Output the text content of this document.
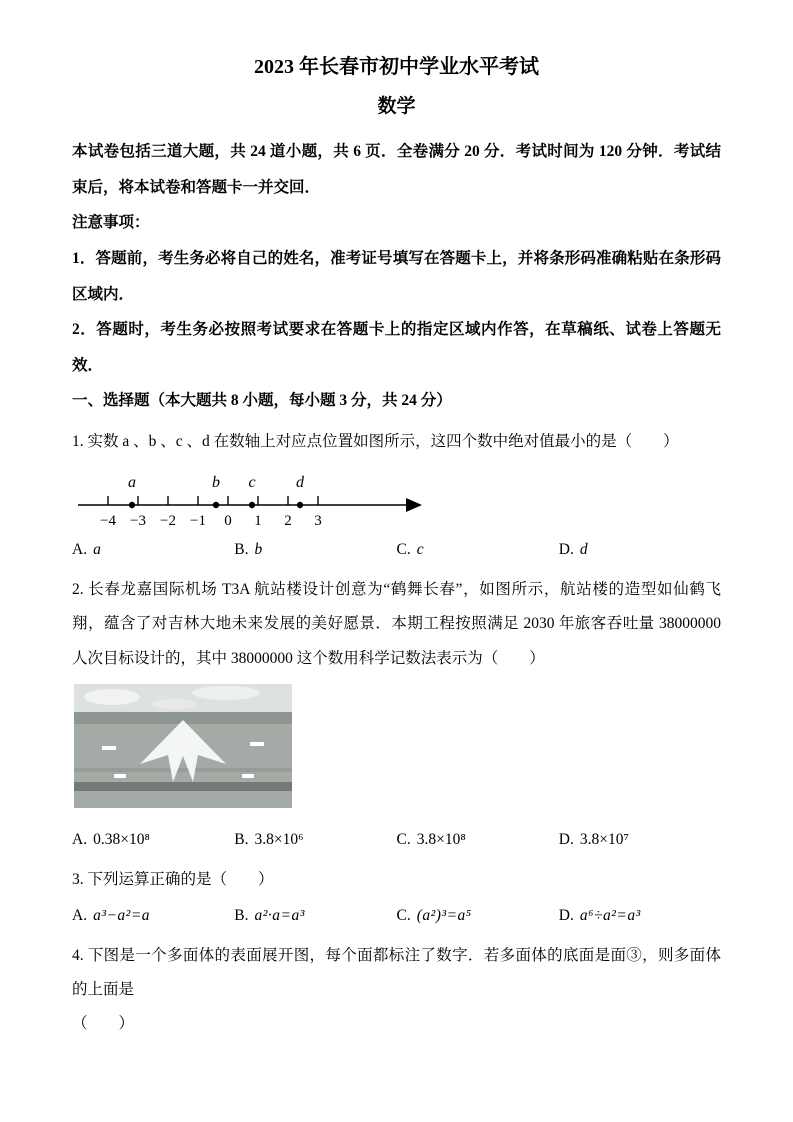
2023 年长春市初中学业水平考试

数学

本试卷包括三道大题，共 24 道小题，共 6 页．全卷满分 20 分．考试时间为 120 分钟．考试结束后，将本试卷和答题卡一并交回．

注意事项：

1．答题前，考生务必将自己的姓名，准考证号填写在答题卡上，并将条形码准确粘贴在条形码区域内．

2．答题时，考生务必按照考试要求在答题卡上的指定区域内作答，在草稿纸、试卷上答题无效．

一、选择题（本大题共 8 小题，每小题 3 分，共 24 分）

1. 实数 a 、b 、c 、d 在数轴上对应点位置如图所示，这四个数中绝对值最小的是（　　）

−4 −3 −2 −1 0 1 2 3
a	b c	d
A. a	B. b	C. c	D. d

2. 长春龙嘉国际机场 T3A 航站楼设计创意为“鹤舞长春”，如图所示，航站楼的造型如仙鹤飞翔，蕴含了对吉林大地未来发展的美好愿景．本期工程按照满足 2030 年旅客吞吐量 38000000 人次目标设计的，其中 38000000 这个数用科学记数法表示为（　　）

A. 0.38×10⁸	B. 3.8×10⁶	C. 3.8×10⁸	D. 3.8×10⁷

3. 下列运算正确的是（　　）

A. a³−a²=a	B. a²·a=a³	C. (a²)³=a⁵	D. a⁶÷a²=a³

4. 下图是一个多面体的表面展开图，每个面都标注了数字．若多面体的底面是面③，则多面体的上面是

（　　）
